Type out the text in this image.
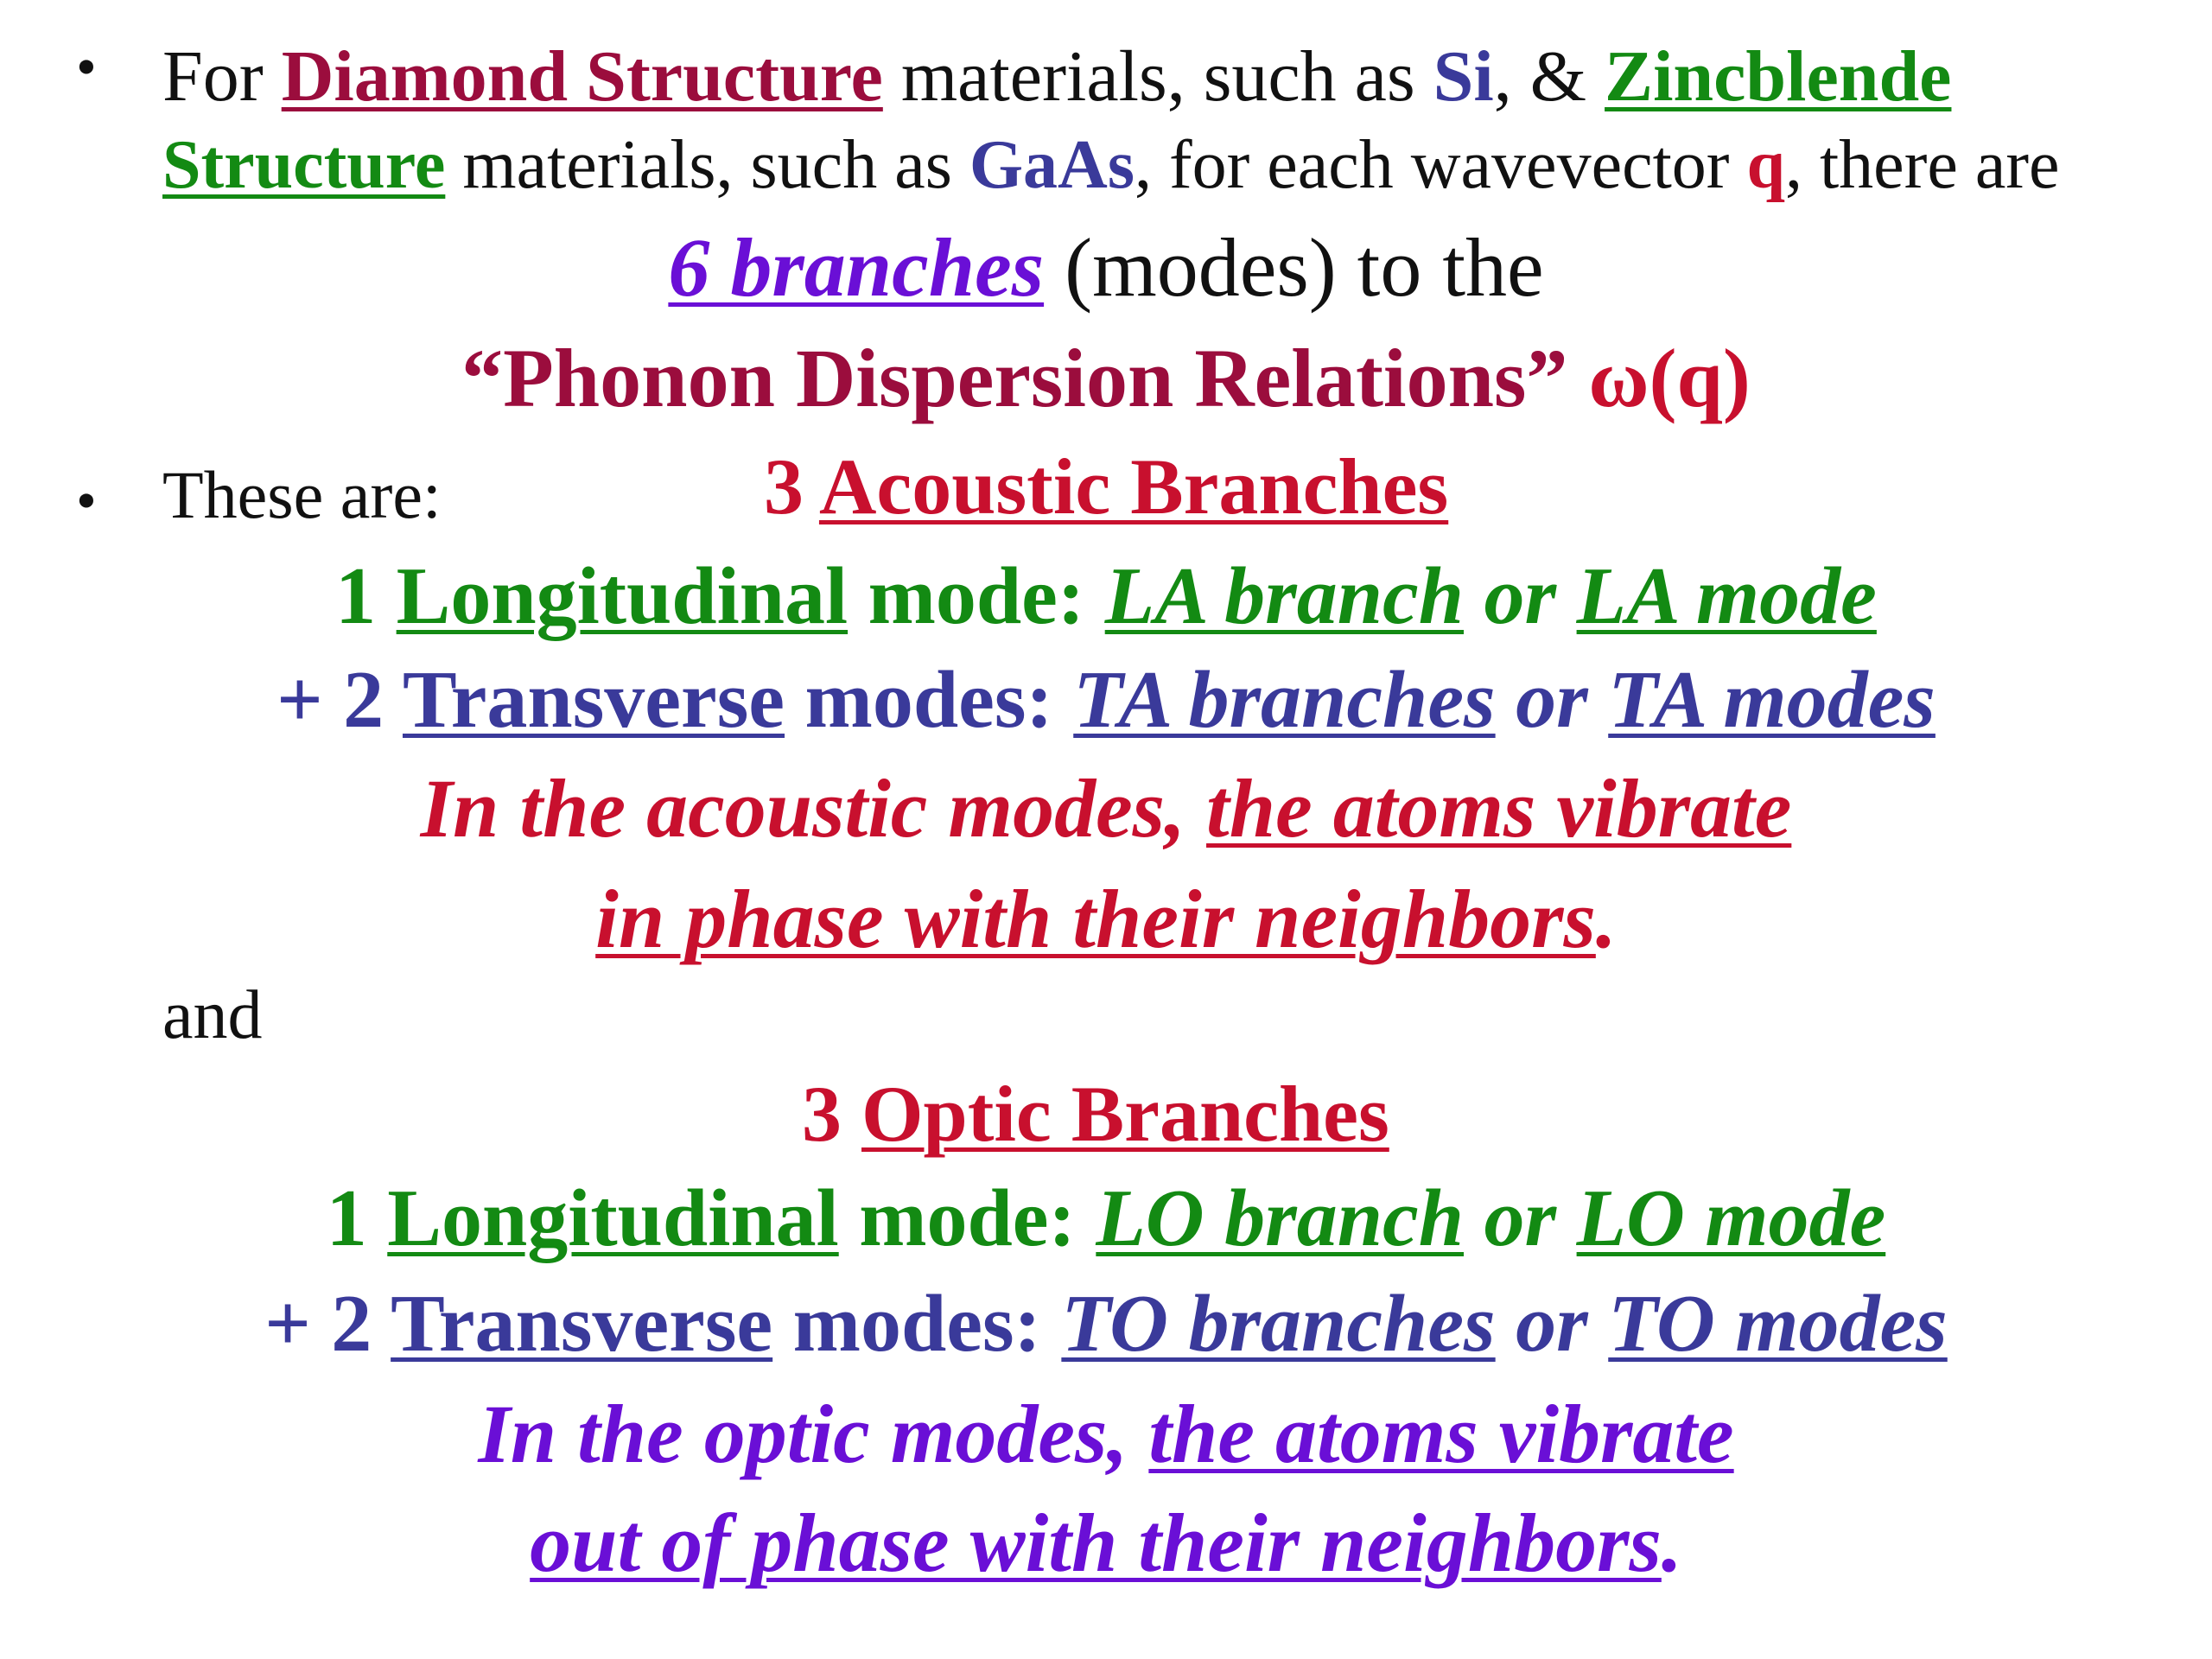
• For Diamond Structure materials, such as Si, & Zincblende
Structure materials, such as GaAs, for each wavevector q, there are
6 branches (modes) to the
“Phonon Dispersion Relations” ω(q)
• These are:	3 Acoustic Branches
1 Longitudinal mode: LA branch or LA mode
+ 2 Transverse modes: TA branches or TA modes
In the acoustic modes, the atoms vibrate
in phase with their neighbors.
and
3 Optic Branches
1 Longitudinal mode: LO branch or LO mode
+ 2 Transverse modes: TO branches or TO modes
In the optic modes, the atoms vibrate
out of phase with their neighbors.
